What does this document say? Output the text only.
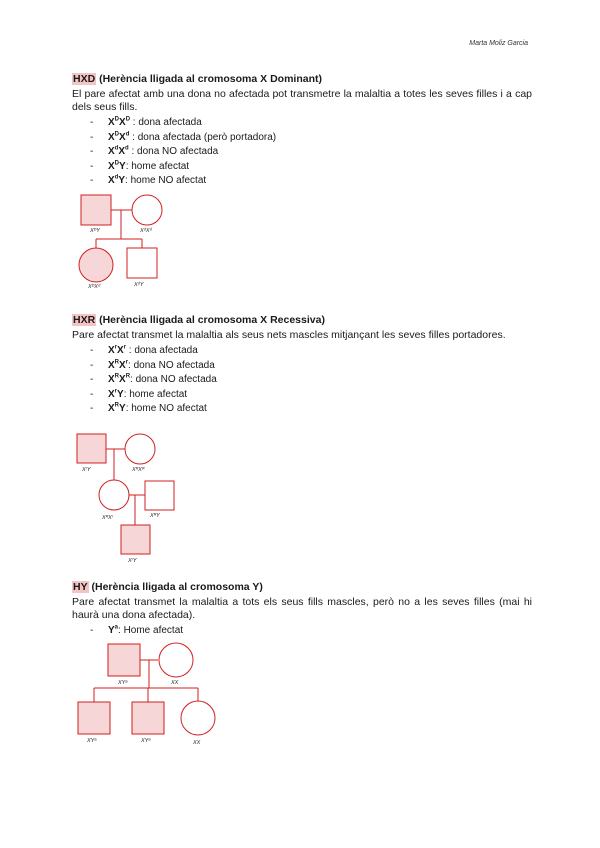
Marta Moliz Garcia

HXD (Herència lligada al cromosoma X Dominant)

El pare afectat amb una dona no afectada pot transmetre la malaltia a totes les seves filles i a cap dels seus fills.

- $X^DX^D$ : dona afectada
- $X^DX^d$ : dona afectada (però portadora)
- $X^dX^d$ : dona NO afectada
- $X^DY$: home afectat
- $X^dY$: home NO afectat
XᴰY	XᵈXᵈ
XᴰXᵈ	XᵈY

HXR (Herència lligada al cromosoma X Recessiva)

Pare afectat transmet la malaltia als seus nets mascles mitjançant les seves filles portadores.

- $X^rX^r$ : dona afectada
- $X^RX^r$: dona NO afectada
- $X^RX^R$: dona NO afectada
- $X^rY$: home afectat
- $X^RY$: home NO afectat
XʳY	XᴿXᴿ
XᴿXʳ	XᴿY
XʳY

HY (Herència lligada al cromosoma Y)

Pare afectat transmet la malaltia a tots els seus fills mascles, però no a les seves filles (mai hi haurà una dona afectada).

- $Y^a$: Home afectat
XYᵃ	XX
XYᵃ	XYᵃ	XX
